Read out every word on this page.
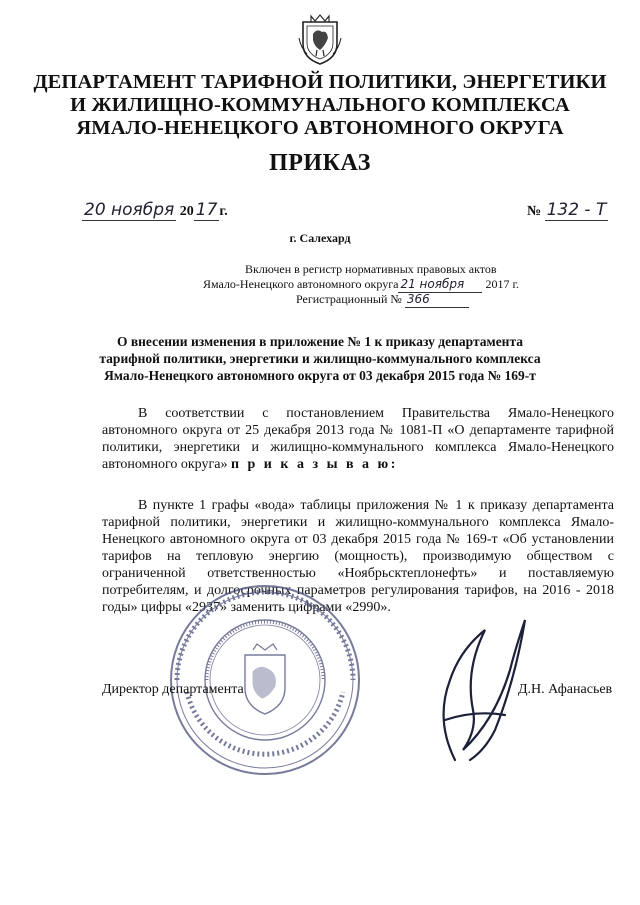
ДЕПАРТАМЕНТ ТАРИФНОЙ ПОЛИТИКИ, ЭНЕРГЕТИКИ
И ЖИЛИЩНО-КОММУНАЛЬНОГО КОМПЛЕКСА
ЯМАЛО-НЕНЕЦКОГО АВТОНОМНОГО ОКРУГА
ПРИКАЗ
20 ноября 20 17 г.	№ 132 - Т
г. Салехард
Включен в регистр нормативных правовых актов
Ямало-Ненецкого автономного округа 21 ноября 2017 г.
Регистрационный № 366
О внесении изменения в приложение № 1 к приказу департамента
тарифной политики, энергетики и жилищно-коммунального комплекса
Ямало-Ненецкого автономного округа от 03 декабря 2015 года № 169-т
В соответствии с постановлением Правительства Ямало-Ненецкого автономного округа от 25 декабря 2013 года № 1081-П «О департаменте тарифной политики, энергетики и жилищно-коммунального комплекса Ямало-Ненецкого автономного округа» п р и к а з ы в а ю:
В пункте 1 графы «вода» таблицы приложения № 1 к приказу департамента тарифной политики, энергетики и жилищно-коммунального комплекса Ямало-Ненецкого автономного округа от 03 декабря 2015 года № 169-т «Об установлении тарифов на тепловую энергию (мощность), производимую обществом с ограниченной ответственностью «Ноябрьсктеплонефть» и поставляемую потребителям, и долгосрочных параметров регулирования тарифов, на 2016 - 2018 годы» цифры «2937» заменить цифрами «2990».
Директор департамента	Д.Н. Афанасьев
